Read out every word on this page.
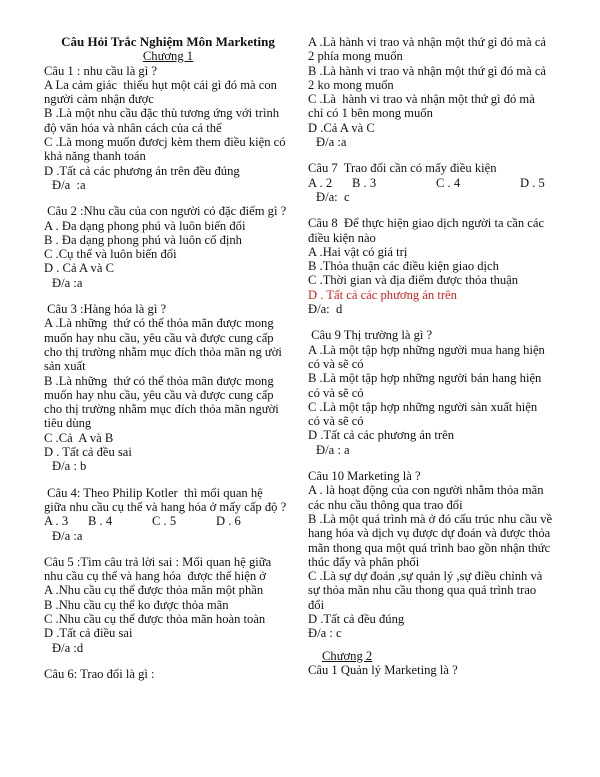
Câu Hỏi Trắc Nghiệm Môn Marketing
Chương 1
Câu 1 : nhu cầu là gì ?
A La cảm giác  thiếu hụt một cái gì đó mà con
người cảm nhận được
B .Là một nhu cầu đặc thù tương ứng với trình
độ văn hóa và nhân cách của cá thể
C .Là mong muốn đươcj kèm them điều kiện có
khả năng thanh toán
D .Tất cả các phương án trên đều đúng
Đ/a  :a
Câu 2 :Nhu cầu của con người có đặc điểm gì ?
A . Đa dạng phong phú và luôn biến đổi
B . Đa dạng phong phú và luôn cố định
C .Cụ thể và luôn biến đổi
D . Cả A và C
Đ/a :a
Câu 3 :Hàng hóa là gì ?
A .Là những  thứ có thể thỏa mãn được mong
muốn hay nhu cầu, yêu cầu và được cung cấp
cho thị trường nhằm mục đích thỏa mãn ng ười
sản xuất
B .Là những  thứ có thể thỏa mãn được mong
muốn hay nhu cầu, yêu cầu và được cung cấp
cho thị trường nhằm mục đích thỏa mãn người
tiêu dùng
C .Cả  A và B
D . Tất cả đều sai
Đ/a : b
Câu 4: Theo Philip Kotler  thì mối quan hệ
giữa nhu cầu cụ thể và hang hóa ở mấy cấp độ ?
A . 3	B . 4	C . 5	D . 6
Đ/a :a
Câu 5 :Tìm câu trả lời sai : Mối quan hệ giữa
nhu cầu cụ thể và hang hóa  được thể hiện ở
A .Nhu cầu cụ thể được thỏa mãn một phần
B .Nhu cầu cụ thể ko được thỏa mãn
C .Nhu cầu cụ thể được thỏa mãn hoàn toàn
D .Tất cả điều sai
Đ/a :d
Câu 6: Trao đổi là gì :
A .Là hành vi trao và nhận một thứ gì đó mà cả
2 phía mong muốn
B .Là hành vi trao và nhận một thứ gì đó mà cả
2 ko mong muốn
C .Là  hành vi trao và nhận một thứ gì đó mà
chỉ có 1 bên mong muốn
D .Cả A và C
Đ/a :a
Câu 7  Trao đổi cần có mấy điều kiện
A . 2	B . 3	C . 4	D . 5
Đ/a:  c
Câu 8  Để thực hiện giao dịch người ta cần các
điều kiện nào
A .Hai vật có giá trị
B .Thỏa thuận các điều kiện giao dịch
C .Thời gian và địa điểm được thỏa thuận
D . Tất cả các phương án trên
Đ/a:  d
Câu 9 Thị trường là gì ?
A .Là một tập hợp những người mua hang hiện
có và sẽ có
B .Là một tập hợp những người bán hang hiện
có và sẽ có
C .Là một tập hợp những người sản xuất hiện
có và sẽ có
D .Tất cả các phương án trên
Đ/a : a
Câu 10 Marketing là ?
A . là hoạt động của con người nhằm thỏa mãn
các nhu cầu thông qua trao đổi
B .Là một quá trình mà ở đó cấu trúc nhu cầu về
hang hóa và dịch vụ được dự đoán và được thỏa
mãn thong qua một quá trình bao gồn nhận thức
thúc đẩy và phân phối
C .Là sự dự đoán ,sự quản lý ,sự điều chỉnh và
sự thỏa mãn nhu cầu thong qua quá trình trao
đổi
D .Tất cả đều đúng
Đ/a : c
Chương 2
Câu 1 Quản lý Marketing là ?
